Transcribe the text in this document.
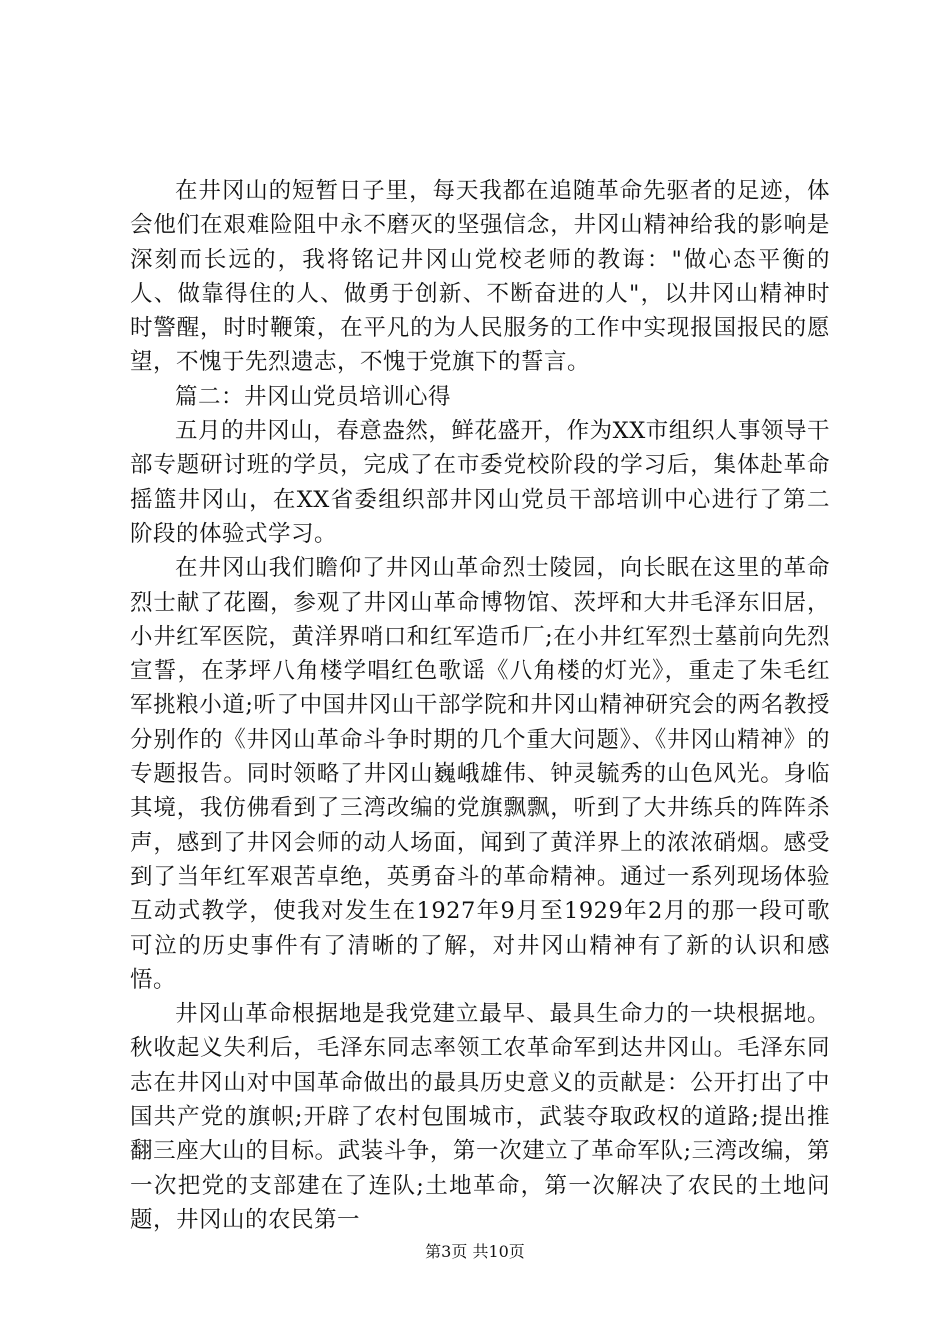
在井冈山的短暂日子里，每天我都在追随革命先驱者的足迹，体会他们在艰难险阻中永不磨灭的坚强信念，井冈山精神给我的影响是深刻而长远的，我将铭记井冈山党校老师的教诲："做心态平衡的人、做靠得住的人、做勇于创新、不断奋进的人"，以井冈山精神时时警醒，时时鞭策，在平凡的为人民服务的工作中实现报国报民的愿望，不愧于先烈遗志，不愧于党旗下的誓言。

篇二：井冈山党员培训心得

五月的井冈山，春意盎然，鲜花盛开，作为XX市组织人事领导干部专题研讨班的学员，完成了在市委党校阶段的学习后，集体赴革命摇篮井冈山，在XX省委组织部井冈山党员干部培训中心进行了第二阶段的体验式学习。

在井冈山我们瞻仰了井冈山革命烈士陵园，向长眠在这里的革命烈士献了花圈，参观了井冈山革命博物馆、茨坪和大井毛泽东旧居，小井红军医院，黄洋界哨口和红军造币厂;在小井红军烈士墓前向先烈宣誓，在茅坪八角楼学唱红色歌谣《八角楼的灯光》，重走了朱毛红军挑粮小道;听了中国井冈山干部学院和井冈山精神研究会的两名教授分别作的《井冈山革命斗争时期的几个重大问题》、《井冈山精神》的专题报告。同时领略了井冈山巍峨雄伟、钟灵毓秀的山色风光。身临其境，我仿佛看到了三湾改编的党旗飘飘，听到了大井练兵的阵阵杀声，感到了井冈会师的动人场面，闻到了黄洋界上的浓浓硝烟。感受到了当年红军艰苦卓绝，英勇奋斗的革命精神。通过一系列现场体验互动式教学，使我对发生在1927年9月至1929年2月的那一段可歌可泣的历史事件有了清晰的了解，对井冈山精神有了新的认识和感悟。

井冈山革命根据地是我党建立最早、最具生命力的一块根据地。秋收起义失利后，毛泽东同志率领工农革命军到达井冈山。毛泽东同志在井冈山对中国革命做出的最具历史意义的贡献是：公开打出了中国共产党的旗帜;开辟了农村包围城市，武装夺取政权的道路;提出推翻三座大山的目标。武装斗争，第一次建立了革命军队;三湾改编，第一次把党的支部建在了连队;土地革命，第一次解决了农民的土地问题，井冈山的农民第一

第3页 共10页
